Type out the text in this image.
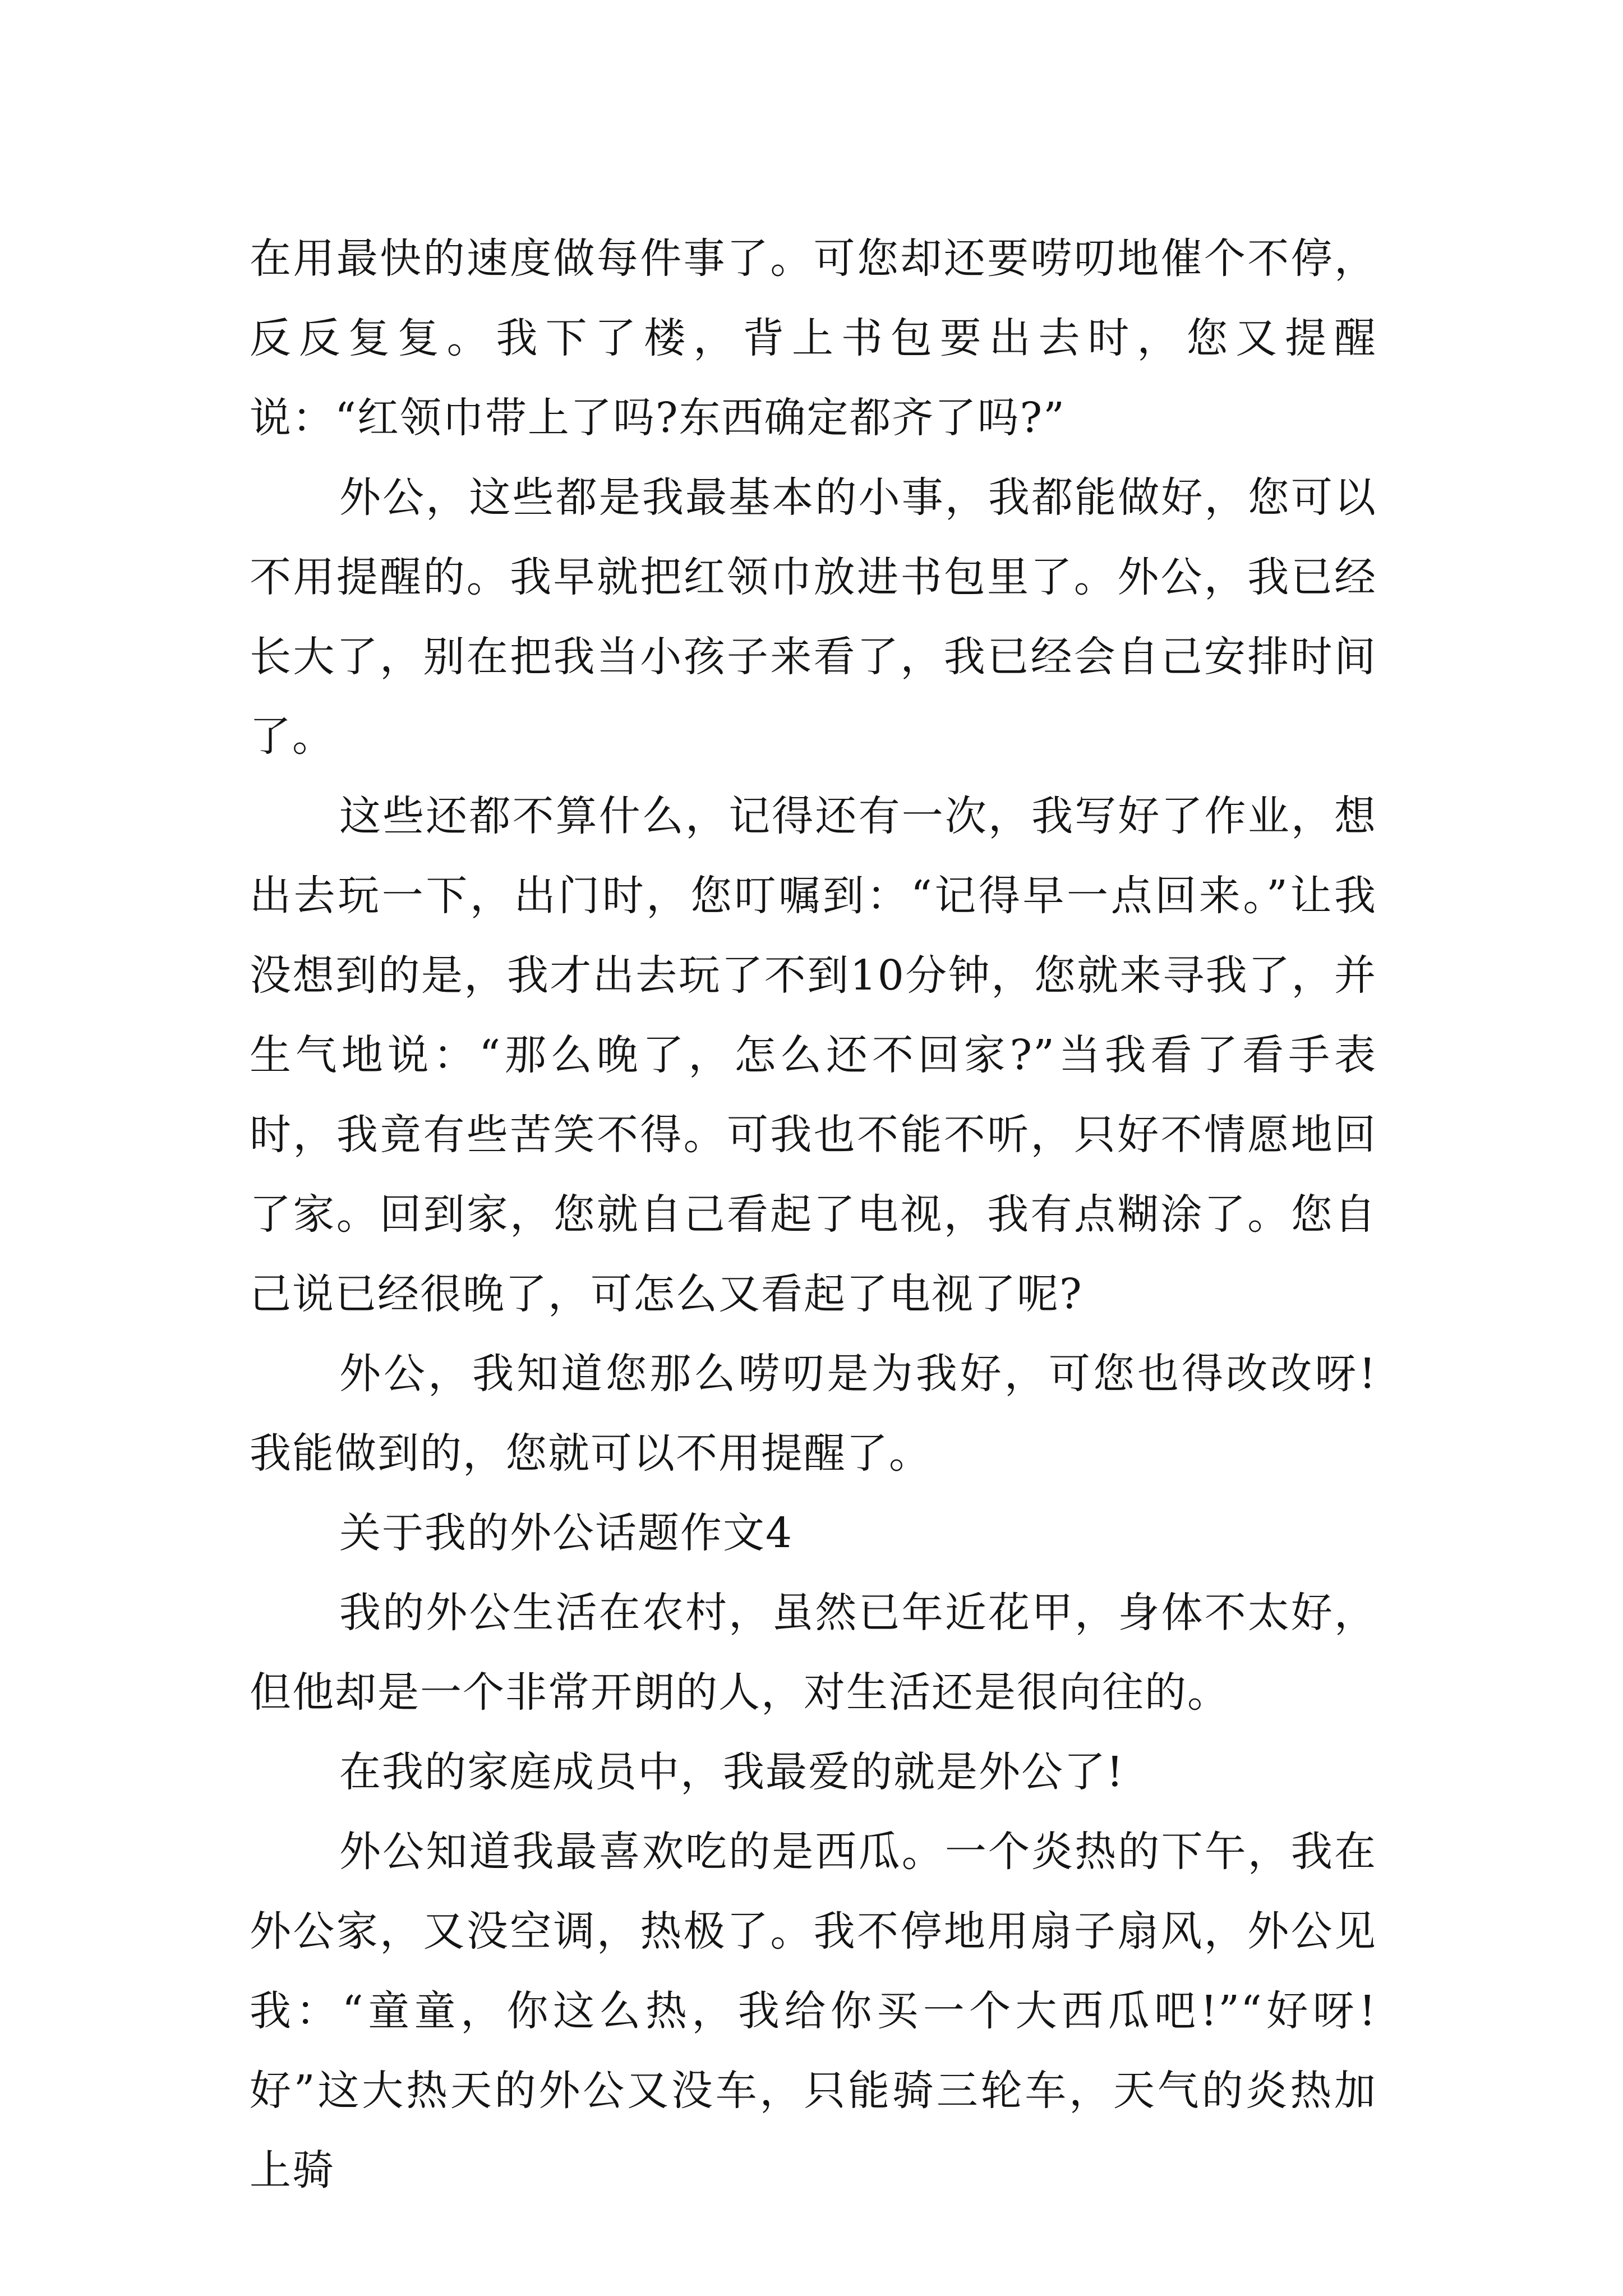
在用最快的速度做每件事了。可您却还要唠叨地催个不停，反反复复。我下了楼，背上书包要出去时，您又提醒说：“红领巾带上了吗?东西确定都齐了吗?”

外公，这些都是我最基本的小事，我都能做好，您可以不用提醒的。我早就把红领巾放进书包里了。外公，我已经长大了，别在把我当小孩子来看了，我已经会自己安排时间了。

这些还都不算什么，记得还有一次，我写好了作业，想出去玩一下，出门时，您叮嘱到：“记得早一点回来。”让我没想到的是，我才出去玩了不到10分钟，您就来寻我了，并生气地说：“那么晚了，怎么还不回家?”当我看了看手表时，我竟有些苦笑不得。可我也不能不听，只好不情愿地回了家。回到家，您就自己看起了电视，我有点糊涂了。您自己说已经很晚了，可怎么又看起了电视了呢?

外公，我知道您那么唠叨是为我好，可您也得改改呀!我能做到的，您就可以不用提醒了。

关于我的外公话题作文4

我的外公生活在农村，虽然已年近花甲，身体不太好，但他却是一个非常开朗的人，对生活还是很向往的。

在我的家庭成员中，我最爱的就是外公了!

外公知道我最喜欢吃的是西瓜。一个炎热的下午，我在外公家，又没空调，热极了。我不停地用扇子扇风，外公见我：“童童，你这么热，我给你买一个大西瓜吧!”“好呀!好”这大热天的外公又没车，只能骑三轮车，天气的炎热加上骑
